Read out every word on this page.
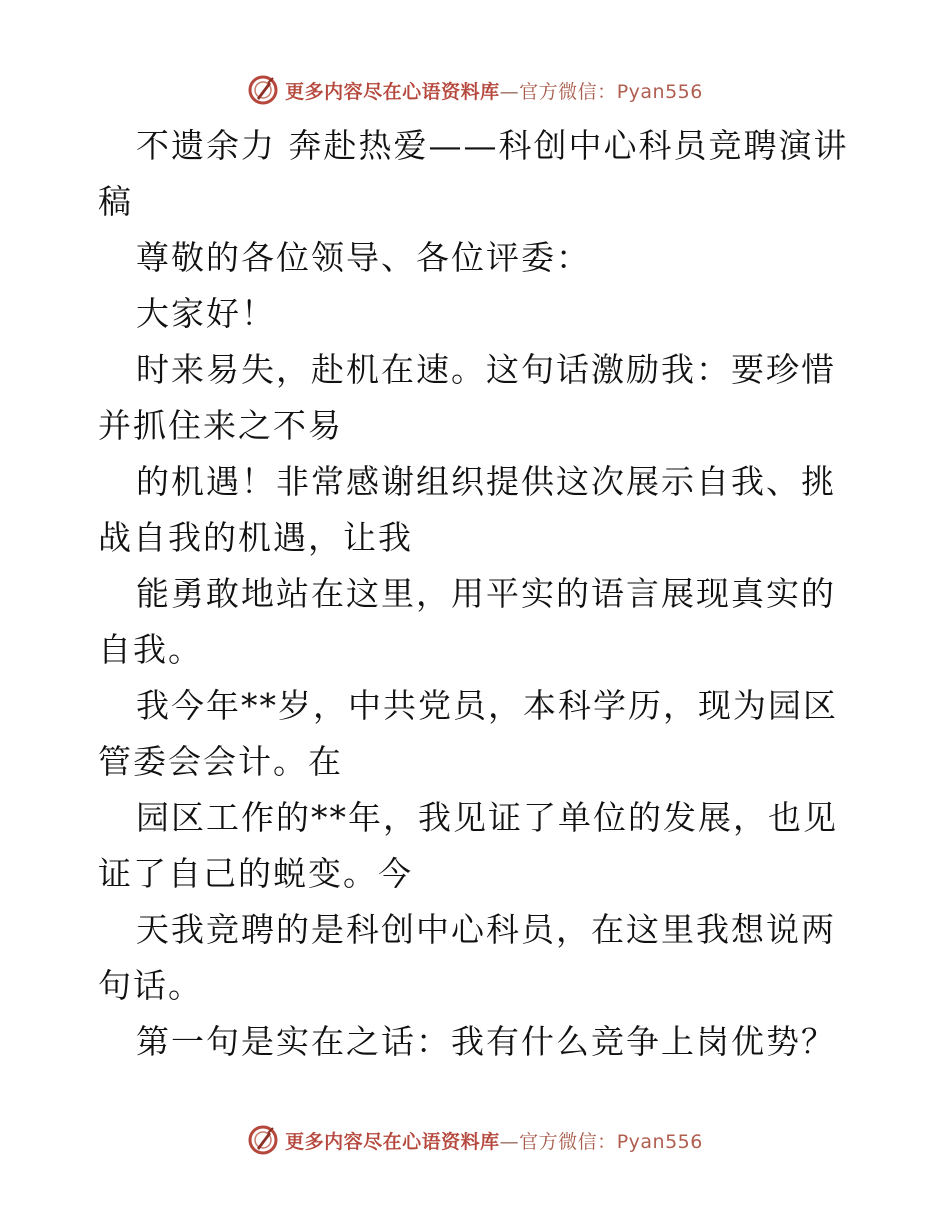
更多内容尽在心语资料库—官方微信：Pyan556

不遗余力 奔赴热爱——科创中心科员竞聘演讲稿

尊敬的各位领导、各位评委：

大家好！

时来易失，赴机在速。这句话激励我：要珍惜并抓住来之不易

的机遇！非常感谢组织提供这次展示自我、挑战自我的机遇，让我

能勇敢地站在这里，用平实的语言展现真实的自我。

我今年**岁，中共党员，本科学历，现为园区管委会会计。在

园区工作的**年，我见证了单位的发展，也见证了自己的蜕变。今

天我竞聘的是科创中心科员，在这里我想说两句话。

第一句是实在之话：我有什么竞争上岗优势？

更多内容尽在心语资料库—官方微信：Pyan556
